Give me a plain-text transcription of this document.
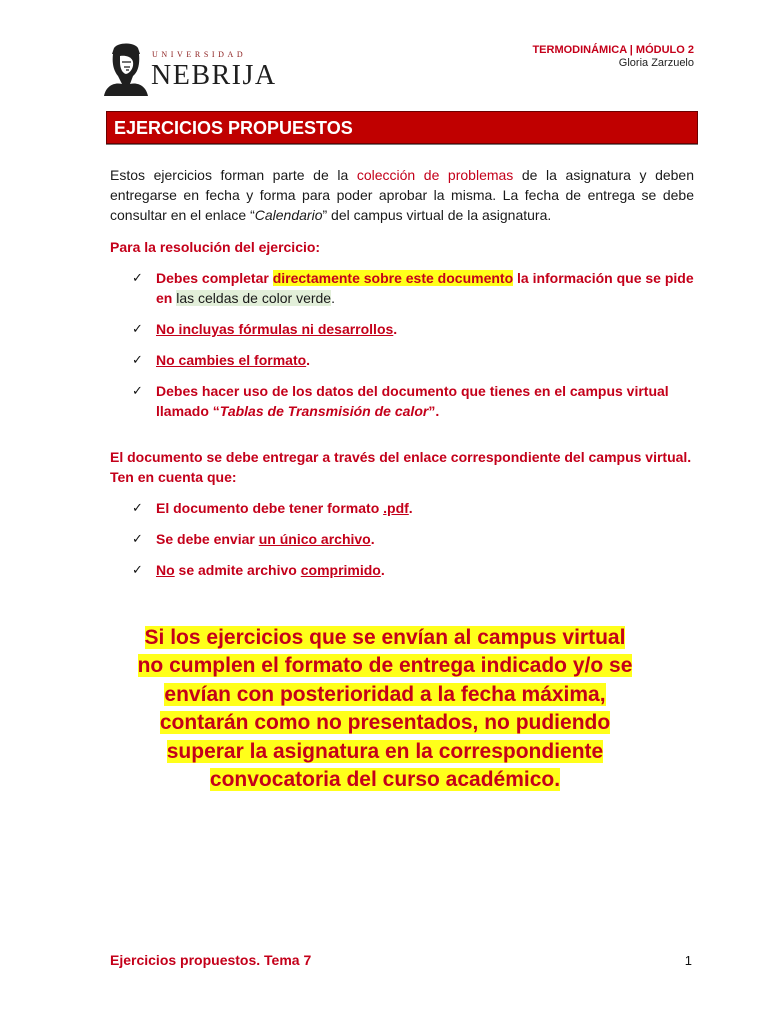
UNIVERSIDAD
NEBRIJA
TERMODINÁMICA | MÓDULO 2
Gloria Zarzuelo
EJERCICIOS PROPUESTOS

Estos ejercicios forman parte de la colección de problemas de la asignatura y deben entregarse en fecha y forma para poder aprobar la misma. La fecha de entrega se debe consultar en el enlace “Calendario” del campus virtual de la asignatura.

Para la resolución del ejercicio:
✓ Debes completar directamente sobre este documento la información que se pide en las celdas de color verde.
✓ No incluyas fórmulas ni desarrollos.
✓ No cambies el formato.
✓ Debes hacer uso de los datos del documento que tienes en el campus virtual llamado “Tablas de Transmisión de calor”.
El documento se debe entregar a través del enlace correspondiente del campus virtual. Ten en cuenta que:
✓ El documento debe tener formato .pdf.
✓ Se debe enviar un único archivo.
✓ No se admite archivo comprimido.
Si los ejercicios que se envían al campus virtual
no cumplen el formato de entrega indicado y/o se
envían con posterioridad a la fecha máxima,
contarán como no presentados, no pudiendo
superar la asignatura en la correspondiente
convocatoria del curso académico.
Ejercicios propuestos. Tema 7	1
